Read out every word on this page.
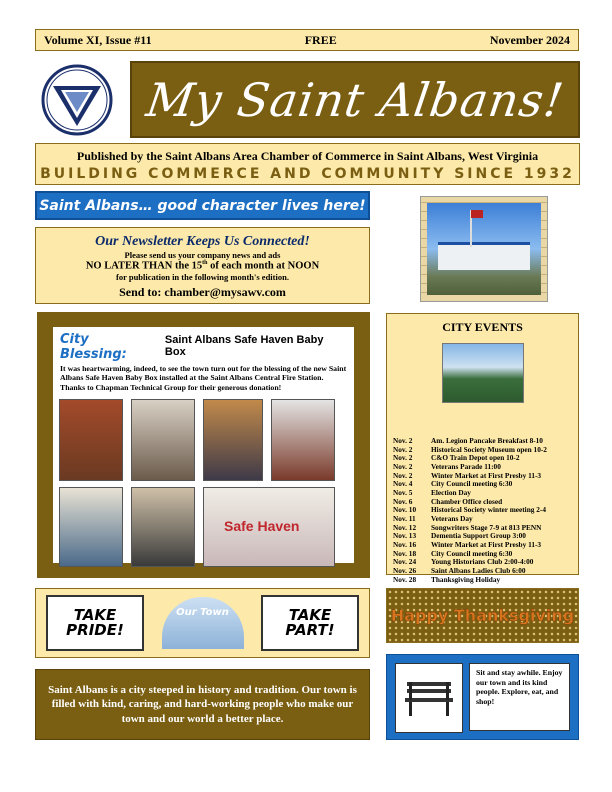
Volume XI, Issue #11	FREE	November 2024
My Saint Albans!
Published by the Saint Albans Area Chamber of Commerce in Saint Albans, West Virginia
BUILDING COMMERCE AND COMMUNITY SINCE 1932
Saint Albans… good character lives here!
Our Newsletter Keeps Us Connected!
Please send us your company news and ads
NO LATER THAN the 15th of each month at NOON
for publication in the following month's edition.
Send to: chamber@mysawv.com
City Blessing:
Saint Albans Safe Haven Baby Box
It was heartwarming, indeed, to see the town turn out for the blessing of the new Saint Albans Safe Haven Baby Box installed at the Saint Albans Central Fire Station. Thanks to Chapman Technical Group for their generous donation!
Safe Haven
CITY EVENTS
Nov. 2	Am. Legion Pancake Breakfast 8-10
Nov. 2	Historical Society Museum open 10-2
Nov. 2	C&O Train Depot open 10-2
Nov. 2	Veterans Parade 11:00
Nov. 2	Winter Market at First Presby 11-3
Nov. 4	City Council meeting 6:30
Nov. 5	Election Day
Nov. 6	Chamber Office closed
Nov. 10	Historical Society winter meeting 2-4
Nov. 11	Veterans Day
Nov. 12	Songwriters Stage 7-9 at 813 PENN
Nov. 13	Dementia Support Group 3:00
Nov. 16	Winter Market at First Presby 11-3
Nov. 18	City Council meeting 6:30
Nov. 24	Young Historians Club 2:00-4:00
Nov. 26	Saint Albans Ladies Club 6:00
Nov. 28	Thanksgiving Holiday
TAKE PRIDE!
Our Town	TAKE PART!
Happy Thanksgiving
Saint Albans is a city steeped in history and tradition. Our town is filled with kind, caring, and hard-working people who make our town and our world a better place.
Sit and stay awhile. Enjoy our town and its kind people. Explore, eat, and shop!
